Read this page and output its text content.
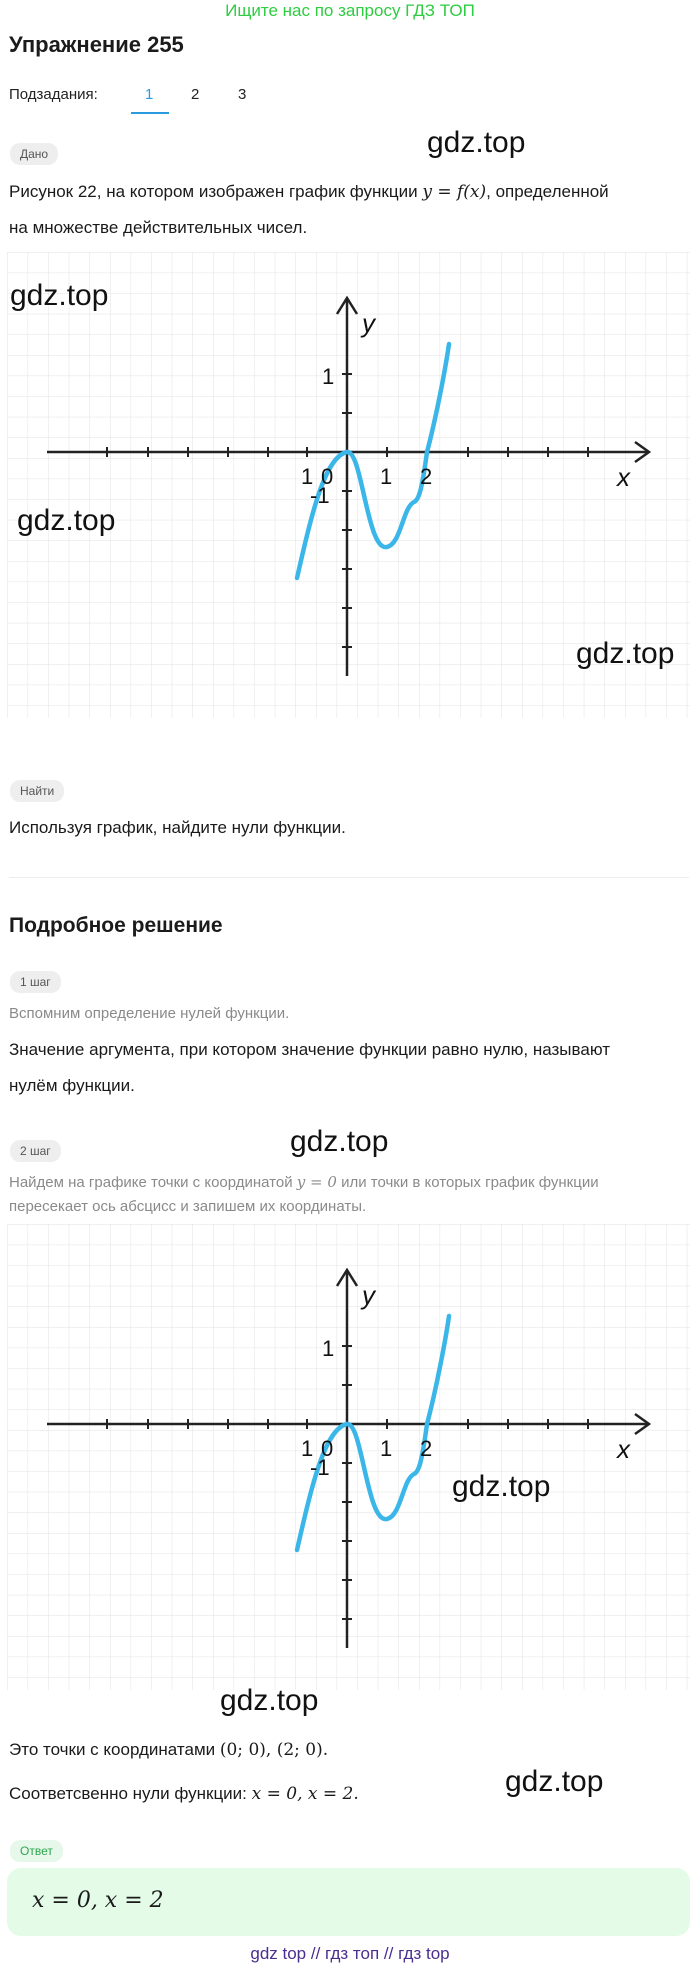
Ищите нас по запросу ГДЗ ТОП
Упражнение 255
Подзадания:	1	2	3
Дано	gdz.top
Рисунок 22, на котором изображен график функции y = f(x), определенной
на множестве действительных чисел.
y
x
1
-1
1 2
1 0
gdz.top
gdz.top
gdz.top
Найти
Используя график, найдите нули функции.
Подробное решение
1 шаг
Вспомним определение нулей функции.
Значение аргумента, при котором значение функции равно нулю, называют
нулём функции.
2 шаг	gdz.top
Найдем на графике точки с координатой y = 0 или точки в которых график функции
пересекает ось абсцисс и запишем их координаты.
y
x
1
-1
1 2
1 0
gdz.top
gdz.top
Это точки с координатами (0; 0), (2; 0).
gdz.top
Соответсвенно нули функции: x = 0, x = 2.
Ответ
x = 0, x = 2
gdz top // гдз топ // гдз top
